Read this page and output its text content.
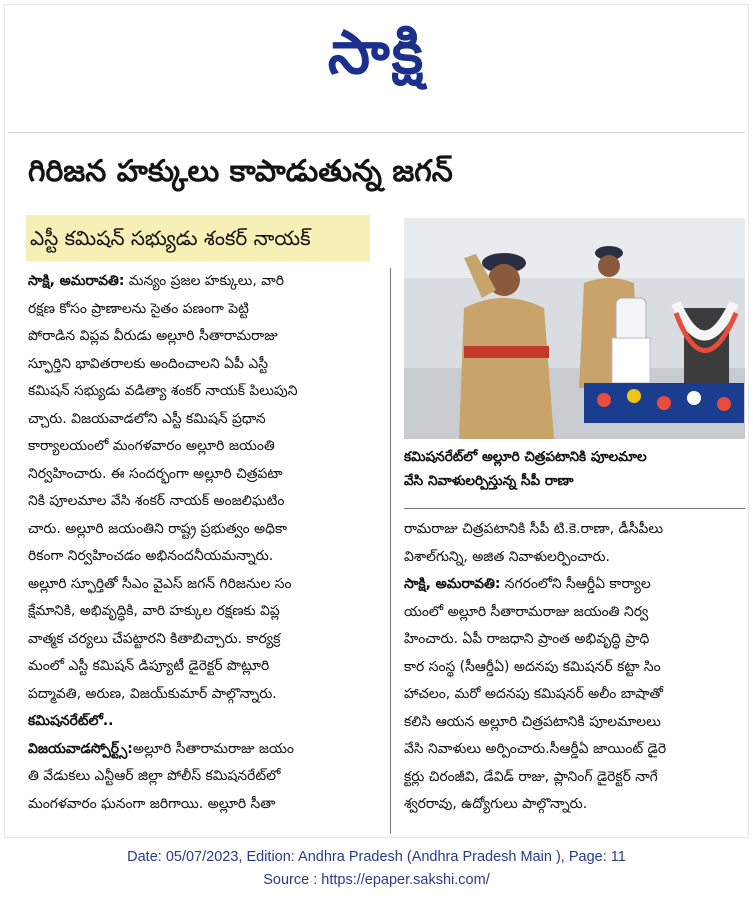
సాక్షి
గిరిజన హక్కులు కాపాడుతున్న జగన్
ఎస్టీ కమిషన్‌ సభ్యుడు శంకర్‌ నాయక్‌
కమిషనరేట్‌లో అల్లూరి చిత్రపటానికి పూలమాల
వేసి నివాళులర్పిస్తున్న సీపీ రాణా
సాక్షి, అమరావతి: మన్యం ప్రజల హక్కులు, వారి
రక్షణ కోసం ప్రాణాలను సైతం పణంగా పెట్టి
పోరాడిన విప్లవ వీరుడు అల్లూరి సీతారామరాజు
స్ఫూర్తిని భావితరాలకు అందించాలని ఏపీ ఎస్టీ
కమిషన్‌ సభ్యుడు వడిత్యా శంకర్‌ నాయక్‌ పిలుపుని
చ్చారు. విజయవాడలోని ఎస్టీ కమిషన్‌ ప్రధాన
కార్యాలయంలో మంగళవారం అల్లూరి జయంతి
నిర్వహించారు. ఈ సందర్భంగా అల్లూరి చిత్రపటా
నికి పూలమాల వేసి శంకర్‌ నాయక్‌ అంజలిఘటిం
చారు. అల్లూరి జయంతిని రాష్ట్ర ప్రభుత్వం అధికా
రికంగా నిర్వహించడం అభినందనీయమన్నారు.
అల్లూరి స్ఫూర్తితో సీఎం వైఎస్‌ జగన్‌ గిరిజనుల సం
క్షేమానికి, అభివృద్ధికి, వారి హక్కుల రక్షణకు విప్ల
వాత్మక చర్యలు చేపట్టారని కితాబిచ్చారు. కార్యక్ర
మంలో ఎస్టీ కమిషన్‌ డిప్యూటీ డైరెక్టర్‌ పొట్లూరి
పద్మావతి, అరుణ, విజయ్‌కుమార్‌ పాల్గొన్నారు.
కమిషనరేట్‌లో..
విజయవాడస్పోర్ట్స్‌:అల్లూరి సీతారామరాజు జయం
తి వేడుకలు ఎన్టీఆర్‌ జిల్లా పోలీస్‌ కమిషనరేట్‌లో
మంగళవారం ఘనంగా జరిగాయి. అల్లూరి సీతా
రామరాజు చిత్రపటానికి సీపీ టి.కె.రాణా, డీసీపీలు
విశాల్‌గున్ని, అజిత నివాళులర్పించారు.
సాక్షి, అమరావతి: నగరంలోని సీఆర్డీఏ కార్యాల
యంలో అల్లూరి సీతారామరాజు జయంతి నిర్వ
హించారు. ఏపీ రాజధాని ప్రాంత అభివృద్ధి ప్రాధి
కార సంస్థ (సీఆర్డీఏ) అదనపు కమిషనర్‌ కట్టా సిం
హాచలం, మరో అదనపు కమిషనర్‌ అలీం బాషాతో
కలిసి ఆయన అల్లూరి చిత్రపటానికి పూలమాలలు
వేసి నివాళులు అర్పించారు.సీఆర్డీఏ జాయింట్‌ డైరె
క్టర్లు చిరంజీవి, డేవిడ్‌ రాజు, ప్లానింగ్‌ డైరెక్టర్‌ నాగే
శ్వరరావు, ఉద్యోగులు పాల్గొన్నారు.
Date: 05/07/2023, Edition: Andhra Pradesh (Andhra Pradesh Main ), Page: 11
Source : https://epaper.sakshi.com/
